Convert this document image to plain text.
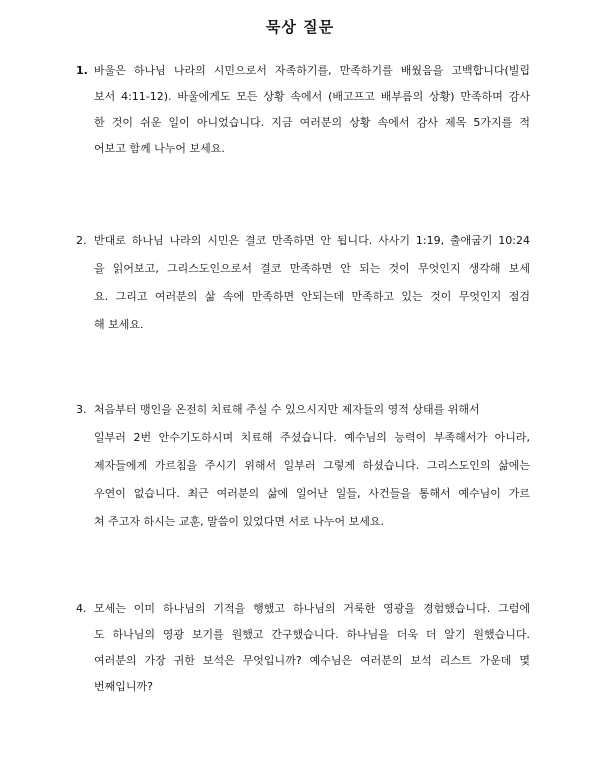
묵상 질문
1. 바울은 하나님 나라의 시민으로서 자족하기를, 만족하기를 배웠음을 고백합니다(빌립
보서 4:11-12). 바울에게도 모든 상황 속에서 (배고프고 배부름의 상황) 만족하며 감사
한 것이 쉬운 일이 아니었습니다. 지금 여러분의 상황 속에서 감사 제목 5가지를 적
어보고 함께 나누어 보세요.
2. 반대로 하나님 나라의 시민은 결코 만족하면 안 됩니다. 사사기 1:19, 출애굽기 10:24
을 읽어보고, 그리스도인으로서 결코 만족하면 안 되는 것이 무엇인지 생각해 보세
요. 그리고 여러분의 삶 속에 만족하면 안되는데 만족하고 있는 것이 무엇인지 점검
해 보세요.
3. 처음부터 맹인을 온전히 치료해 주실 수 있으시지만 제자들의 영적 상태를 위해서
일부러 2번 안수기도하시며 치료해 주셨습니다. 예수님의 능력이 부족해서가 아니라,
제자들에게 가르침을 주시기 위해서 일부러 그렇게 하셨습니다. 그리스도인의 삶에는
우연이 없습니다. 최근 여러분의 삶에 일어난 일들, 사건들을 통해서 예수님이 가르
쳐 주고자 하시는 교훈, 말씀이 있었다면 서로 나누어 보세요.
4. 모세는 이미 하나님의 기적을 행했고 하나님의 거룩한 영광을 경험했습니다. 그럼에
도 하나님의 영광 보기를 원했고 간구했습니다. 하나님을 더욱 더 알기 원했습니다.
여러분의 가장 귀한 보석은 무엇입니까? 예수님은 여러분의 보석 리스트 가운데 몇
번째입니까?
